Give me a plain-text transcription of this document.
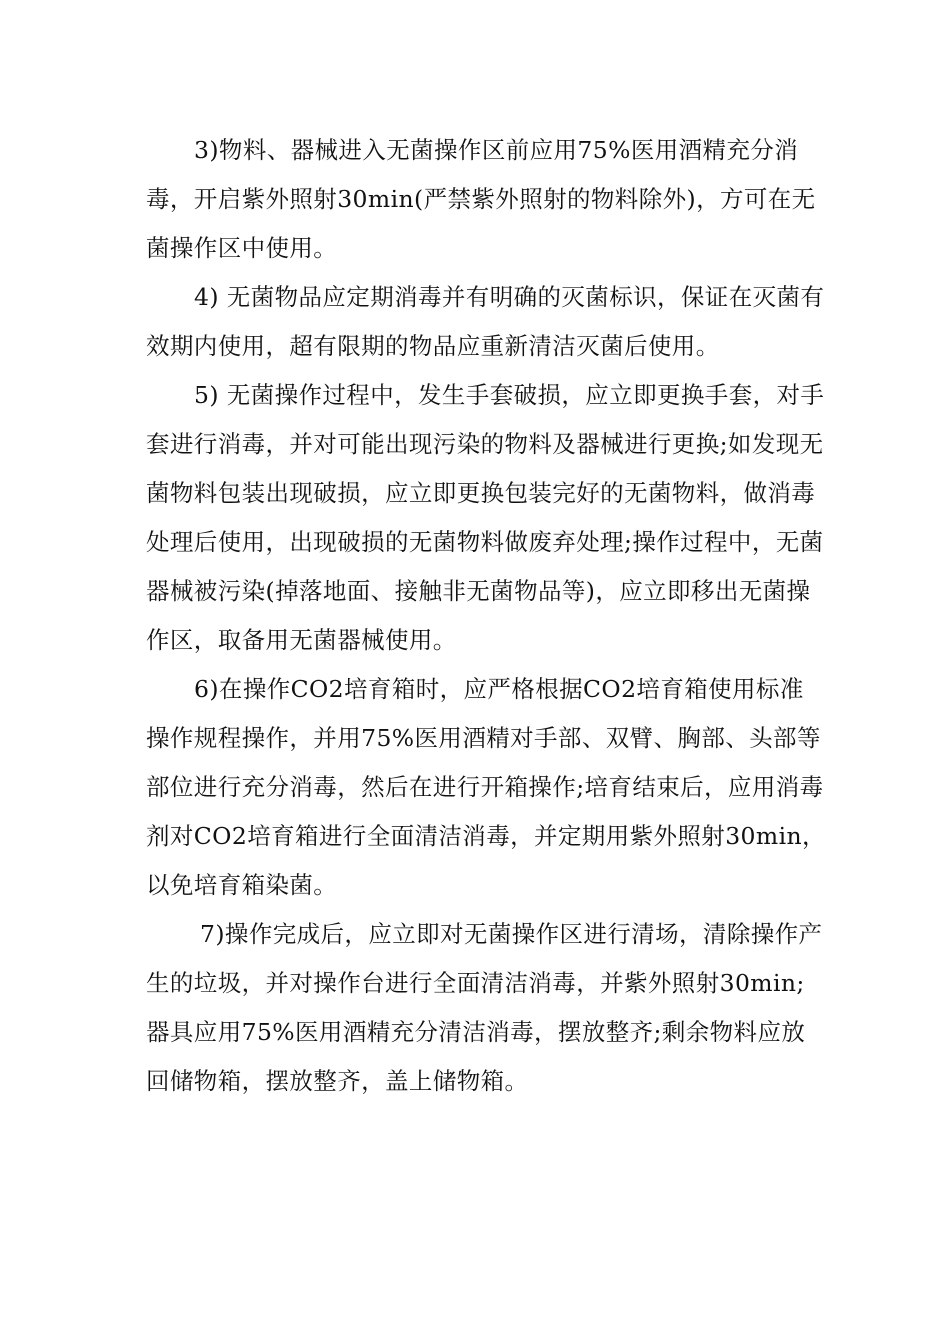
3)物料、器械进入无菌操作区前应用75%医用酒精充分消毒，开启紫外照射30min(严禁紫外照射的物料除外)，方可在无菌操作区中使用。

4) 无菌物品应定期消毒并有明确的灭菌标识，保证在灭菌有效期内使用，超有限期的物品应重新清洁灭菌后使用。

5) 无菌操作过程中，发生手套破损，应立即更换手套，对手套进行消毒，并对可能出现污染的物料及器械进行更换;如发现无菌物料包装出现破损，应立即更换包装完好的无菌物料，做消毒处理后使用，出现破损的无菌物料做废弃处理;操作过程中，无菌器械被污染(掉落地面、接触非无菌物品等)，应立即移出无菌操作区，取备用无菌器械使用。

6)在操作CO2培育箱时，应严格根据CO2培育箱使用标准操作规程操作，并用75%医用酒精对手部、双臂、胸部、头部等部位进行充分消毒，然后在进行开箱操作;培育结束后，应用消毒剂对CO2培育箱进行全面清洁消毒，并定期用紫外照射30min，以免培育箱染菌。

7)操作完成后，应立即对无菌操作区进行清场，清除操作产生的垃圾，并对操作台进行全面清洁消毒，并紫外照射30min;器具应用75%医用酒精充分清洁消毒，摆放整齐;剩余物料应放回储物箱，摆放整齐，盖上储物箱。
